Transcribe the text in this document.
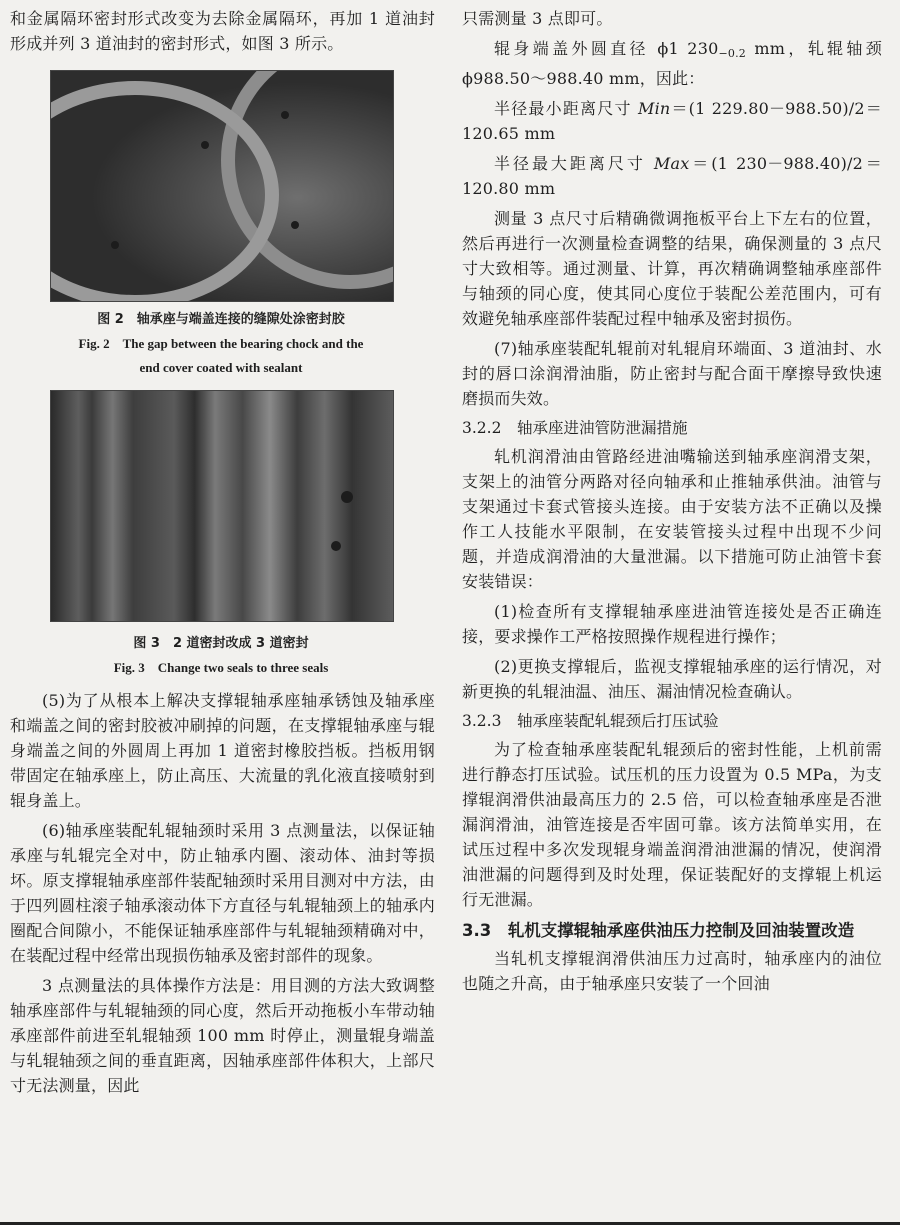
和金属隔环密封形式改变为去除金属隔环，再加 1 道油封形成并列 3 道油封的密封形式，如图 3 所示。

图 2　轴承座与端盖连接的缝隙处涂密封胶
Fig. 2　The gap between the bearing chock and the
end cover coated with sealant
图 3　2 道密封改成 3 道密封
Fig. 3　Change two seals to three seals

(5)为了从根本上解决支撑辊轴承座轴承锈蚀及轴承座和端盖之间的密封胶被冲刷掉的问题，在支撑辊轴承座与辊身端盖之间的外圆周上再加 1 道密封橡胶挡板。挡板用钢带固定在轴承座上，防止高压、大流量的乳化液直接喷射到辊身盖上。

(6)轴承座装配轧辊轴颈时采用 3 点测量法，以保证轴承座与轧辊完全对中，防止轴承内圈、滚动体、油封等损坏。原支撑辊轴承座部件装配轴颈时采用目测对中方法，由于四列圆柱滚子轴承滚动体下方直径与轧辊轴颈上的轴承内圈配合间隙小，不能保证轴承座部件与轧辊轴颈精确对中，在装配过程中经常出现损伤轴承及密封部件的现象。

3 点测量法的具体操作方法是：用目测的方法大致调整轴承座部件与轧辊轴颈的同心度，然后开动拖板小车带动轴承座部件前进至轧辊轴颈 100 mm 时停止，测量辊身端盖与轧辊轴颈之间的垂直距离，因轴承座部件体积大，上部尺寸无法测量，因此

只需测量 3 点即可。

辊身端盖外圆直径 ϕ1 $230_{-0.2}$ mm，轧辊轴颈 ϕ988.50～988.40 mm，因此：

半径最小距离尺寸 Min＝(1 229.80－988.50)/2＝120.65 mm

半径最大距离尺寸 Max＝(1 230－988.40)/2＝120.80 mm

测量 3 点尺寸后精确微调拖板平台上下左右的位置，然后再进行一次测量检查调整的结果，确保测量的 3 点尺寸大致相等。通过测量、计算，再次精确调整轴承座部件与轴颈的同心度，使其同心度位于装配公差范围内，可有效避免轴承座部件装配过程中轴承及密封损伤。

(7)轴承座装配轧辊前对轧辊肩环端面、3 道油封、水封的唇口涂润滑油脂，防止密封与配合面干摩擦导致快速磨损而失效。

3.2.2　轴承座进油管防泄漏措施

轧机润滑油由管路经进油嘴输送到轴承座润滑支架，支架上的油管分两路对径向轴承和止推轴承供油。油管与支架通过卡套式管接头连接。由于安装方法不正确以及操作工人技能水平限制，在安装管接头过程中出现不少问题，并造成润滑油的大量泄漏。以下措施可防止油管卡套安装错误：

(1)检查所有支撑辊轴承座进油管连接处是否正确连接，要求操作工严格按照操作规程进行操作；

(2)更换支撑辊后，监视支撑辊轴承座的运行情况，对新更换的轧辊油温、油压、漏油情况检查确认。

3.2.3　轴承座装配轧辊颈后打压试验

为了检查轴承座装配轧辊颈后的密封性能，上机前需进行静态打压试验。试压机的压力设置为 0.5 MPa，为支撑辊润滑供油最高压力的 2.5 倍，可以检查轴承座是否泄漏润滑油，油管连接是否牢固可靠。该方法简单实用，在试压过程中多次发现辊身端盖润滑油泄漏的情况，使润滑油泄漏的问题得到及时处理，保证装配好的支撑辊上机运行无泄漏。

3.3　轧机支撑辊轴承座供油压力控制及回油装置改造

当轧机支撑辊润滑供油压力过高时，轴承座内的油位也随之升高，由于轴承座只安装了一个回油
